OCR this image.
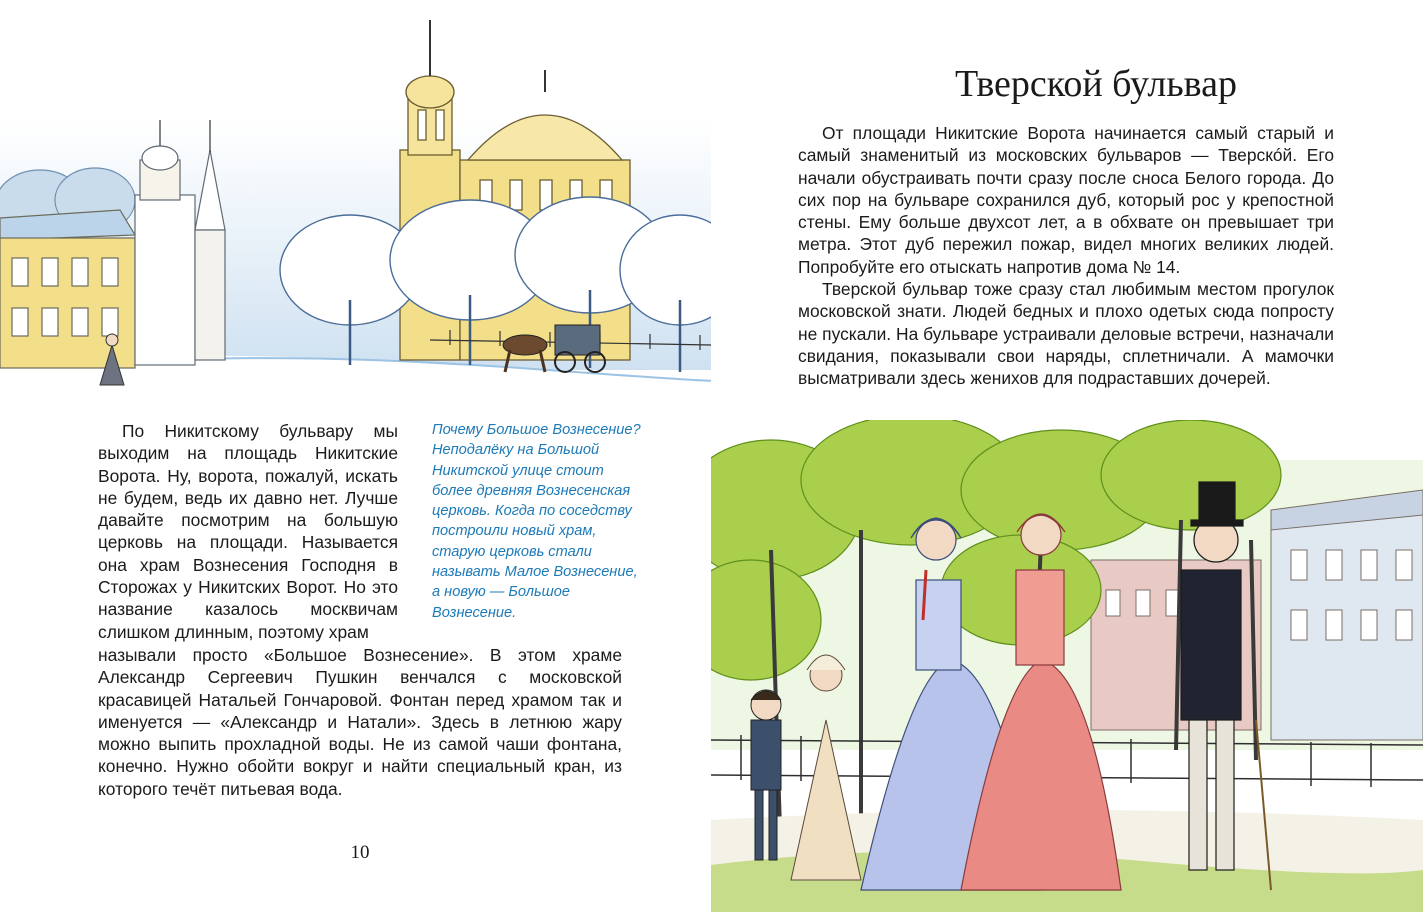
По Никитскому бульвару мы выходим на площадь Никитские Ворота. Ну, ворота, пожалуй, искать не будем, ведь их давно нет. Лучше давайте посмотрим на большую церковь на площади. Называется она храм Вознесения Господня в Сторожах у Никитских Ворот. Но это название казалось москвичам слишком длинным, поэтому храм

Почему Большое Вознесение? Неподалёку на Большой Никитской улице стоит более древняя Вознесенская церковь. Когда по соседству построили новый храм, старую церковь стали называть Малое Вознесение, а новую — Большое Вознесение.

называли просто «Большое Вознесение». В этом храме Александр Сергеевич Пушкин венчался с московской красавицей Натальей Гончаровой. Фонтан перед храмом так и именуется — «Александр и Натали». Здесь в летнюю жару можно выпить прохладной воды. Не из самой чаши фонтана, конечно. Нужно обойти вокруг и найти специальный кран, из которого течёт питьевая вода.

10
Тверской бульвар

От площади Никитские Ворота начинается самый старый и самый знаменитый из московских бульваров — Тверскóй. Его начали обустраивать почти сразу после сноса Белого города. До сих пор на бульваре сохранился дуб, который рос у крепостной стены. Ему больше двухсот лет, а в обхвате он превышает три метра. Этот дуб пережил пожар, видел многих великих людей. Попробуйте его отыскать напротив дома № 14.

Тверской бульвар тоже сразу стал любимым местом прогулок московской знати. Людей бедных и плохо одетых сюда попросту не пускали. На бульваре устраивали деловые встречи, назначали свидания, показывали свои наряды, сплетничали. А мамочки высматривали здесь женихов для подраставших дочерей.
